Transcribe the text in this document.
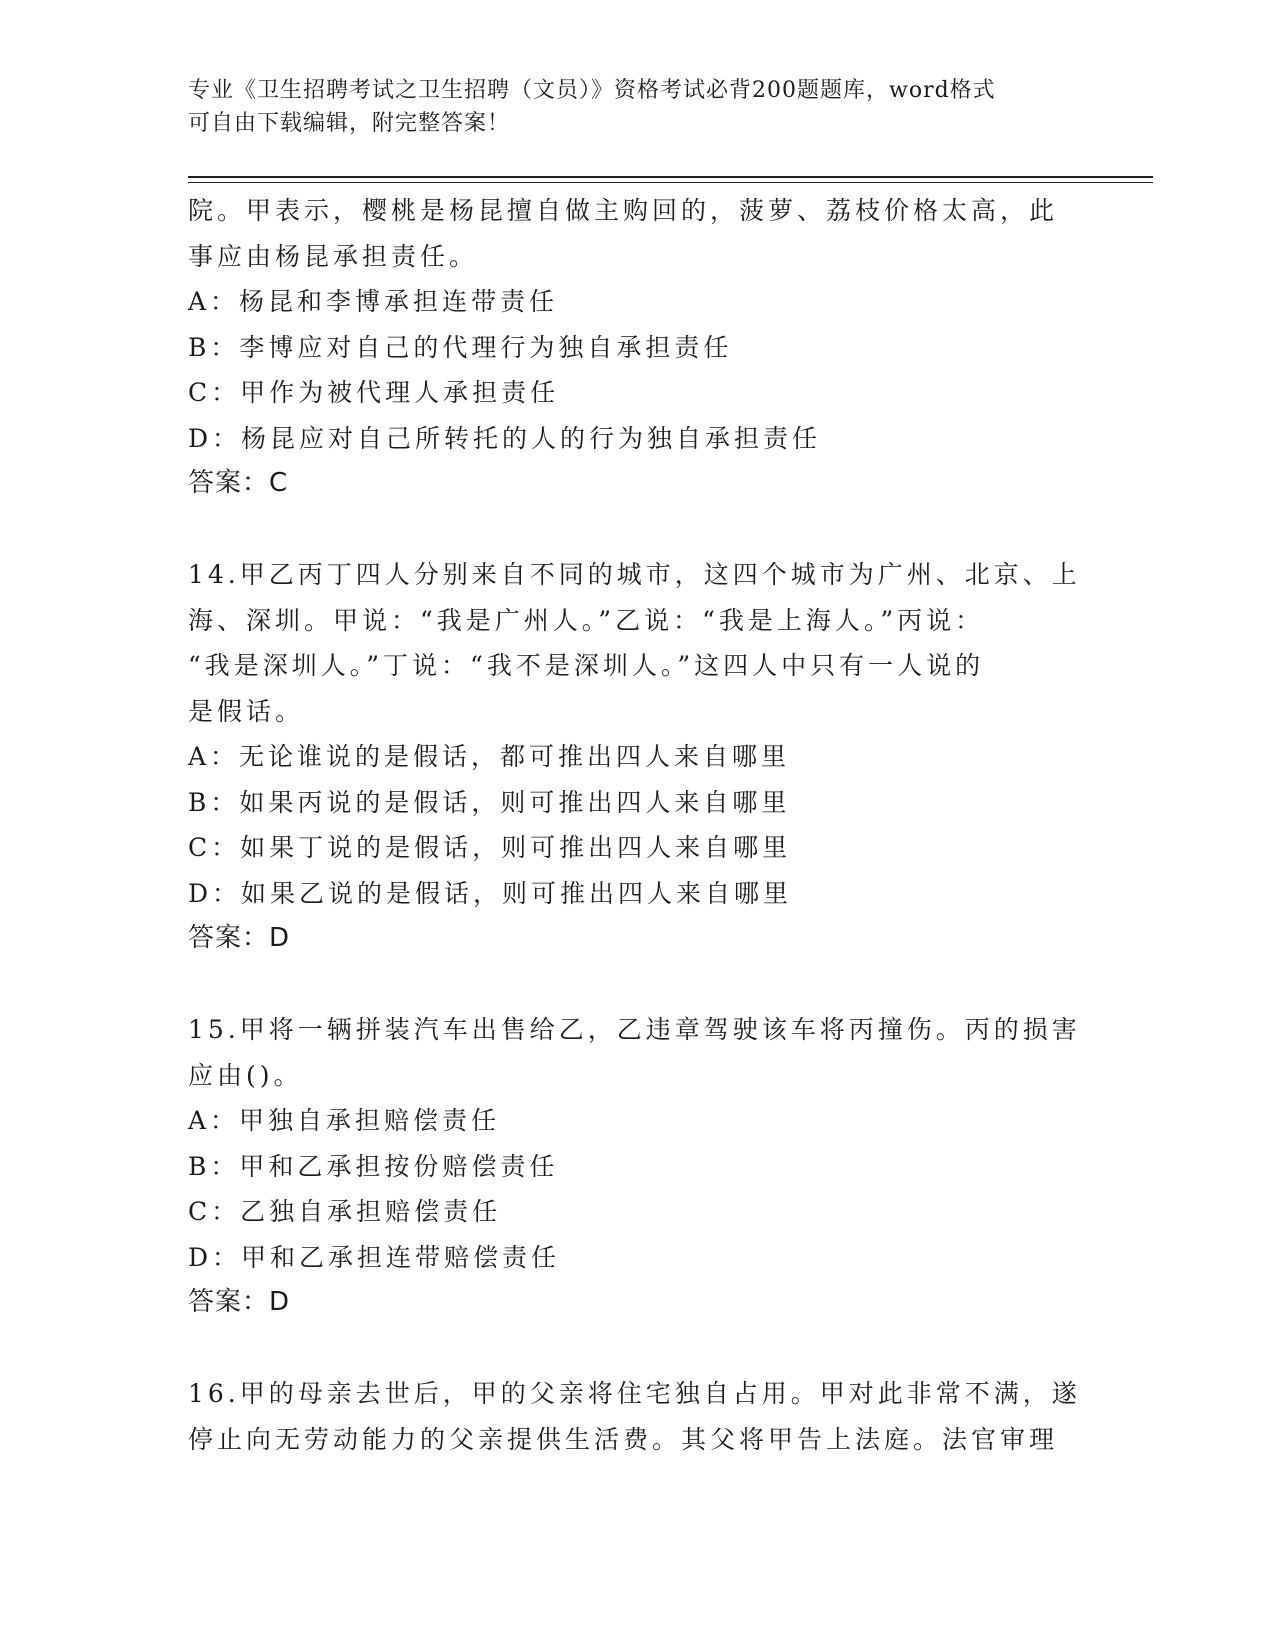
专业《卫生招聘考试之卫生招聘（文员）》资格考试必背200题题库，word格式
可自由下载编辑，附完整答案！
院。甲表示，樱桃是杨昆擅自做主购回的，菠萝、荔枝价格太高，此
事应由杨昆承担责任。
A：杨昆和李博承担连带责任
B：李博应对自己的代理行为独自承担责任
C：甲作为被代理人承担责任
D：杨昆应对自己所转托的人的行为独自承担责任
答案：C
14.甲乙丙丁四人分别来自不同的城市，这四个城市为广州、北京、上
海、深圳。甲说：“我是广州人。”乙说：“我是上海人。”丙说：
“我是深圳人。”丁说：“我不是深圳人。”这四人中只有一人说的
是假话。
A：无论谁说的是假话，都可推出四人来自哪里
B：如果丙说的是假话，则可推出四人来自哪里
C：如果丁说的是假话，则可推出四人来自哪里
D：如果乙说的是假话，则可推出四人来自哪里
答案：D
15.甲将一辆拼装汽车出售给乙，乙违章驾驶该车将丙撞伤。丙的损害
应由()。
A：甲独自承担赔偿责任
B：甲和乙承担按份赔偿责任
C：乙独自承担赔偿责任
D：甲和乙承担连带赔偿责任
答案：D
16.甲的母亲去世后，甲的父亲将住宅独自占用。甲对此非常不满，遂
停止向无劳动能力的父亲提供生活费。其父将甲告上法庭。法官审理
